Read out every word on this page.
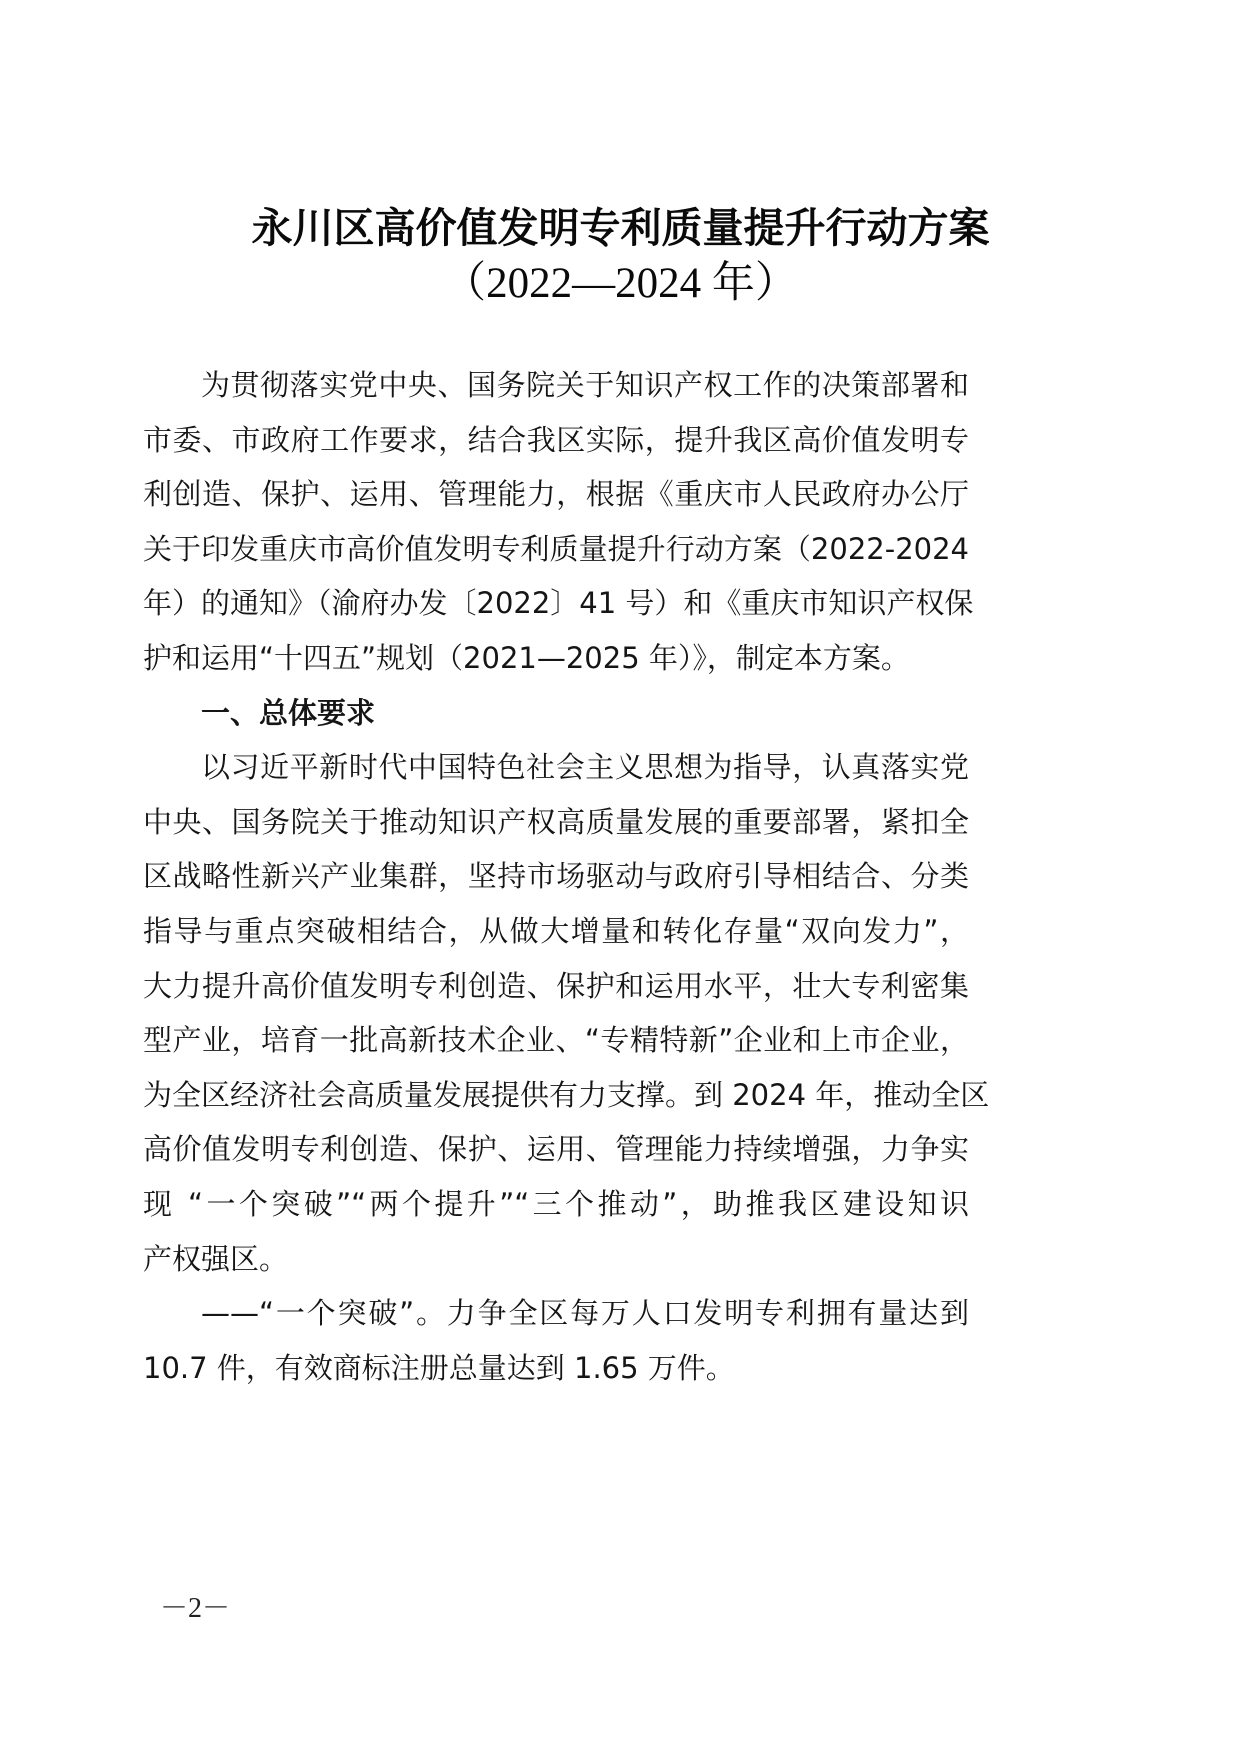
永川区高价值发明专利质量提升行动方案
（2022—2024 年）
为贯彻落实党中央、国务院关于知识产权工作的决策部署和
市委、市政府工作要求，结合我区实际，提升我区高价值发明专
利创造、保护、运用、管理能力，根据《重庆市人民政府办公厅
关于印发重庆市高价值发明专利质量提升行动方案（2022-2024
年）的通知》（渝府办发〔2022〕41 号）和《重庆市知识产权保
护和运用“十四五”规划（2021—2025 年）》，制定本方案。
一、总体要求
以习近平新时代中国特色社会主义思想为指导，认真落实党
中央、国务院关于推动知识产权高质量发展的重要部署，紧扣全
区战略性新兴产业集群，坚持市场驱动与政府引导相结合、分类
指导与重点突破相结合，从做大增量和转化存量“双向发力”，
大力提升高价值发明专利创造、保护和运用水平，壮大专利密集
型产业，培育一批高新技术企业、“专精特新”企业和上市企业，
为全区经济社会高质量发展提供有力支撑。到 2024 年，推动全区
高价值发明专利创造、保护、运用、管理能力持续增强，力争实
现 “一个突破”“两个提升”“三个推动”，助推我区建设知识
产权强区。
——“一个突破”。力争全区每万人口发明专利拥有量达到
10.7 件，有效商标注册总量达到 1.65 万件。
－2－
